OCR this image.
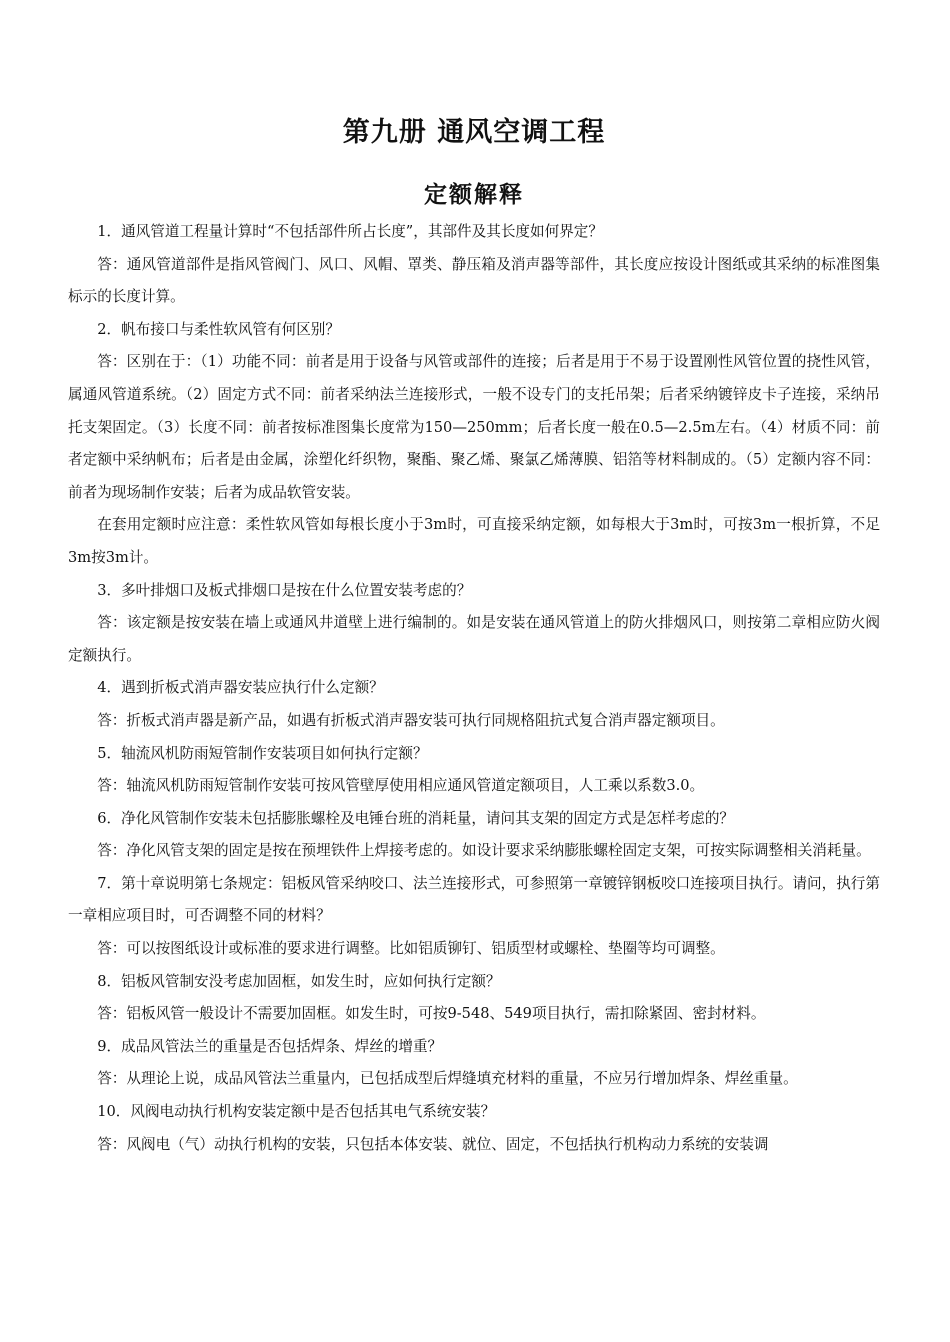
第九册 通风空调工程
定额解释

1．通风管道工程量计算时“不包括部件所占长度”，其部件及其长度如何界定？

答：通风管道部件是指风管阀门、风口、风帽、罩类、静压箱及消声器等部件，其长度应按设计图纸或其采纳的标准图集标示的长度计算。

2．帆布接口与柔性软风管有何区别？

答：区别在于：（1）功能不同：前者是用于设备与风管或部件的连接；后者是用于不易于设置刚性风管位置的挠性风管，属通风管道系统。（2）固定方式不同：前者采纳法兰连接形式，一般不设专门的支托吊架；后者采纳镀锌皮卡子连接，采纳吊托支架固定。（3）长度不同：前者按标准图集长度常为150—250mm；后者长度一般在0.5—2.5m左右。（4）材质不同：前者定额中采纳帆布；后者是由金属，涂塑化纤织物，聚酯、聚乙烯、聚氯乙烯薄膜、铝箔等材料制成的。（5）定额内容不同：前者为现场制作安装；后者为成品软管安装。

在套用定额时应注意：柔性软风管如每根长度小于3m时，可直接采纳定额，如每根大于3m时，可按3m一根折算，不足3m按3m计。

3．多叶排烟口及板式排烟口是按在什么位置安装考虑的？

答：该定额是按安装在墙上或通风井道壁上进行编制的。如是安装在通风管道上的防火排烟风口，则按第二章相应防火阀定额执行。

4．遇到折板式消声器安装应执行什么定额？

答：折板式消声器是新产品，如遇有折板式消声器安装可执行同规格阻抗式复合消声器定额项目。

5．轴流风机防雨短管制作安装项目如何执行定额？

答：轴流风机防雨短管制作安装可按风管壁厚使用相应通风管道定额项目，人工乘以系数3.0。

6．净化风管制作安装未包括膨胀螺栓及电锤台班的消耗量，请问其支架的固定方式是怎样考虑的？

答：净化风管支架的固定是按在预埋铁件上焊接考虑的。如设计要求采纳膨胀螺栓固定支架，可按实际调整相关消耗量。

7．第十章说明第七条规定：铝板风管采纳咬口、法兰连接形式，可参照第一章镀锌钢板咬口连接项目执行。请问，执行第一章相应项目时，可否调整不同的材料？

答：可以按图纸设计或标准的要求进行调整。比如铝质铆钉、铝质型材或螺栓、垫圈等均可调整。

8．铝板风管制安没考虑加固框，如发生时，应如何执行定额？

答：铝板风管一般设计不需要加固框。如发生时，可按9-548、549项目执行，需扣除紧固、密封材料。

9．成品风管法兰的重量是否包括焊条、焊丝的增重？

答：从理论上说，成品风管法兰重量内，已包括成型后焊缝填充材料的重量，不应另行增加焊条、焊丝重量。

10．风阀电动执行机构安装定额中是否包括其电气系统安装？

答：风阀电（气）动执行机构的安装，只包括本体安装、就位、固定，不包括执行机构动力系统的安装调
